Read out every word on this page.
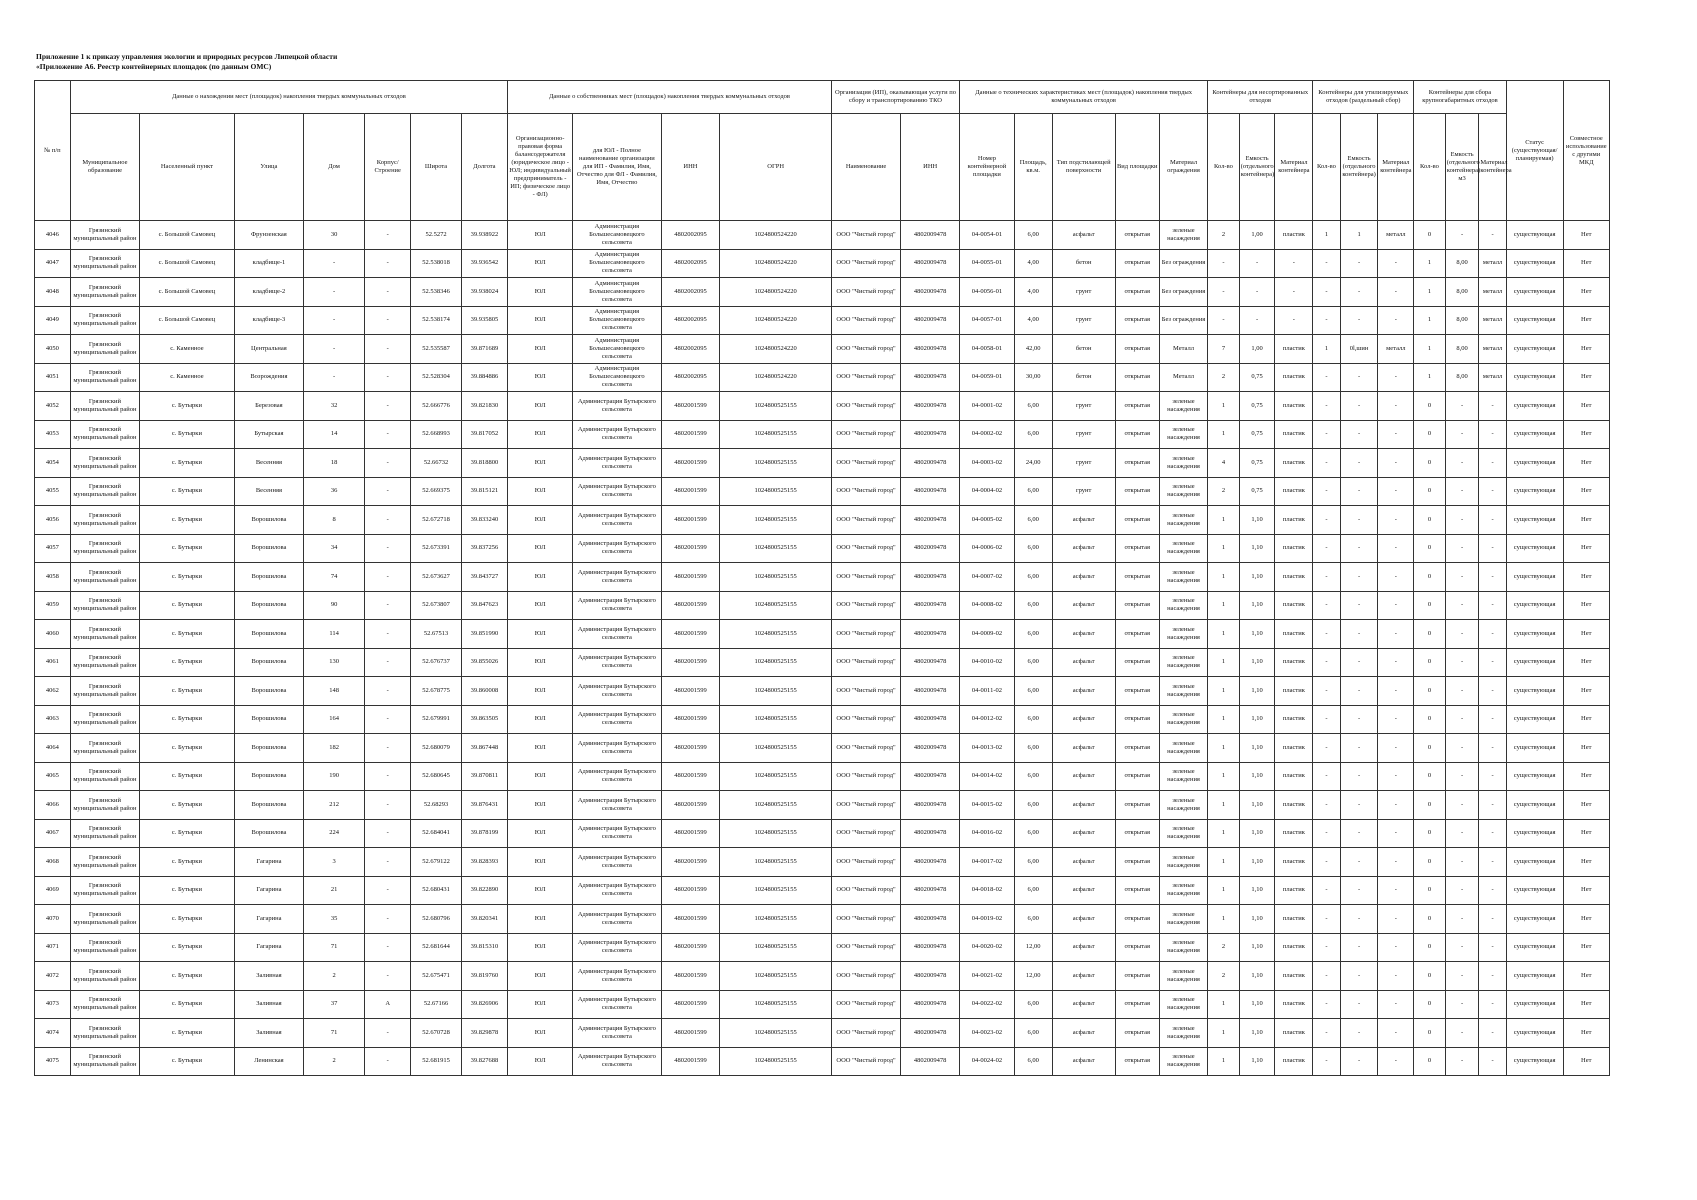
Приложение 1 к приказу управления экологии и природных ресурсов Липецкой области
«Приложение А6. Реестр контейнерных площадок (по данным ОМС)
№ п/п	Данные о нахождении мест (площадок) накопления твердых коммунальных отходов							Данные о собственниках мест (площадок) накопления твердых коммунальных отходов				Организация (ИП), оказывающая услуги по сбору и транспортированию ТКО		Данные о технических характеристиках мест (площадок) накопления твердых коммунальных отходов					Контейнеры для несортированных отходов			Контейнеры для утилизируемых отходов (раздельный сбор)			Контейнеры для сбора крупногабаритных отходов			Статус (существующая/ планируемая)	Совместное использование с другими МКД
	Муниципальное образование	Населенный пункт	Улица	Дом	Корпус/Строение	Широта	Долгота	Организационно-правовая форма балансодержателя (юридическое лицо - ЮЛ; индивидуальный предприниматель - ИП; физическое лицо - ФЛ)	для ЮЛ - Полное наименование организации для ИП - Фамилия, Имя, Отчество для ФЛ - Фамилия, Имя, Отчество	ИНН	ОГРН	Наименование	ИНН	Номер контейнерной площадки	Площадь, кв.м.	Тип подстилающей поверхности	Вид площадки	Материал ограждения	Кол-во	Емкость (отдельного контейнера)	Материал контейнера	Кол-во	Емкость (отдельного контейнера)	Материал контейнера	Кол-во	Емкость (отдельного контейнера) м3	Материал контейнера		
4046	Грязинский муниципальный район	с. Большой Самовец	Фрунзенская	30	-	52.5272	39.938922	ЮЛ	Администрация Большесамовецкого сельсовета	4802002095	1024800524220	ООО "Чистый город"	4802009478	04-0054-01	6,00	асфальт	открытая	зеленые насаждения	2	1,00	пластик	1	1	металл	0	-	-	существующая	Нет
4047	Грязинский муниципальный район	с. Большой Самовец	кладбище-1	-	-	52.538018	39.936542	ЮЛ	Администрация Большесамовецкого сельсовета	4802002095	1024800524220	ООО "Чистый город"	4802009478	04-0055-01	4,00	бетон	открытая	Без ограждения	-	-	-	-	-	-	1	8,00	металл	существующая	Нет
4048	Грязинский муниципальный район	с. Большой Самовец	кладбище-2	-	-	52.538346	39.938024	ЮЛ	Администрация Большесамовецкого сельсовета	4802002095	1024800524220	ООО "Чистый город"	4802009478	04-0056-01	4,00	грунт	открытая	Без ограждения	-	-	-	-	-	-	1	8,00	металл	существующая	Нет
4049	Грязинский муниципальный район	с. Большой Самовец	кладбище-3	-	-	52.538174	39.935805	ЮЛ	Администрация Большесамовецкого сельсовета	4802002095	1024800524220	ООО "Чистый город"	4802009478	04-0057-01	4,00	грунт	открытая	Без ограждения	-	-	-	-	-	-	1	8,00	металл	существующая	Нет
4050	Грязинский муниципальный район	с. Каменное	Центральная	-	-	52.535587	39.871689	ЮЛ	Администрация Большесамовецкого сельсовета	4802002095	1024800524220	ООО "Чистый город"	4802009478	04-0058-01	42,00	бетон	открытая	Металл	7	1,00	пластик	1	0l,шин	металл	1	8,00	металл	существующая	Нет
4051	Грязинский муниципальный район	с. Каменное	Возрождения	-	-	52.528304	39.884886	ЮЛ	Администрация Большесамовецкого сельсовета	4802002095	1024800524220	ООО "Чистый город"	4802009478	04-0059-01	30,00	бетон	открытая	Металл	2	0,75	пластик	-	-	-	1	8,00	металл	существующая	Нет
4052	Грязинский муниципальный район	с. Бутырки	Березовая	32	-	52.666776	39.821830	ЮЛ	Администрация Бутырского сельсовета	4802001599	1024800525155	ООО "Чистый город"	4802009478	04-0001-02	6,00	грунт	открытая	зеленые насаждения	1	0,75	пластик	-	-	-	0	-	-	существующая	Нет
4053	Грязинский муниципальный район	с. Бутырки	Бутырская	14	-	52.668993	39.817052	ЮЛ	Администрация Бутырского сельсовета	4802001599	1024800525155	ООО "Чистый город"	4802009478	04-0002-02	6,00	грунт	открытая	зеленые насаждения	1	0,75	пластик	-	-	-	0	-	-	существующая	Нет
4054	Грязинский муниципальный район	с. Бутырки	Весенняя	18	-	52.66732	39.818800	ЮЛ	Администрация Бутырского сельсовета	4802001599	1024800525155	ООО "Чистый город"	4802009478	04-0003-02	24,00	грунт	открытая	зеленые насаждения	4	0,75	пластик	-	-	-	0	-	-	существующая	Нет
4055	Грязинский муниципальный район	с. Бутырки	Весенняя	36	-	52.669375	39.815121	ЮЛ	Администрация Бутырского сельсовета	4802001599	1024800525155	ООО "Чистый город"	4802009478	04-0004-02	6,00	грунт	открытая	зеленые насаждения	2	0,75	пластик	-	-	-	0	-	-	существующая	Нет
4056	Грязинский муниципальный район	с. Бутырки	Ворошилова	8	-	52.672718	39.833240	ЮЛ	Администрация Бутырского сельсовета	4802001599	1024800525155	ООО "Чистый город"	4802009478	04-0005-02	6,00	асфальт	открытая	зеленые насаждения	1	1,10	пластик	-	-	-	0	-	-	существующая	Нет
4057	Грязинский муниципальный район	с. Бутырки	Ворошилова	34	-	52.673391	39.837256	ЮЛ	Администрация Бутырского сельсовета	4802001599	1024800525155	ООО "Чистый город"	4802009478	04-0006-02	6,00	асфальт	открытая	зеленые насаждения	1	1,10	пластик	-	-	-	0	-	-	существующая	Нет
4058	Грязинский муниципальный район	с. Бутырки	Ворошилова	74	-	52.673627	39.843727	ЮЛ	Администрация Бутырского сельсовета	4802001599	1024800525155	ООО "Чистый город"	4802009478	04-0007-02	6,00	асфальт	открытая	зеленые насаждения	1	1,10	пластик	-	-	-	0	-	-	существующая	Нет
4059	Грязинский муниципальный район	с. Бутырки	Ворошилова	90	-	52.673807	39.847623	ЮЛ	Администрация Бутырского сельсовета	4802001599	1024800525155	ООО "Чистый город"	4802009478	04-0008-02	6,00	асфальт	открытая	зеленые насаждения	1	1,10	пластик	-	-	-	0	-	-	существующая	Нет
4060	Грязинский муниципальный район	с. Бутырки	Ворошилова	114	-	52.67513	39.851990	ЮЛ	Администрация Бутырского сельсовета	4802001599	1024800525155	ООО "Чистый город"	4802009478	04-0009-02	6,00	асфальт	открытая	зеленые насаждения	1	1,10	пластик	-	-	-	0	-	-	существующая	Нет
4061	Грязинский муниципальный район	с. Бутырки	Ворошилова	130	-	52.676737	39.855026	ЮЛ	Администрация Бутырского сельсовета	4802001599	1024800525155	ООО "Чистый город"	4802009478	04-0010-02	6,00	асфальт	открытая	зеленые насаждения	1	1,10	пластик	-	-	-	0	-	-	существующая	Нет
4062	Грязинский муниципальный район	с. Бутырки	Ворошилова	148	-	52.678775	39.860008	ЮЛ	Администрация Бутырского сельсовета	4802001599	1024800525155	ООО "Чистый город"	4802009478	04-0011-02	6,00	асфальт	открытая	зеленые насаждения	1	1,10	пластик	-	-	-	0	-	-	существующая	Нет
4063	Грязинский муниципальный район	с. Бутырки	Ворошилова	164	-	52.679991	39.863505	ЮЛ	Администрация Бутырского сельсовета	4802001599	1024800525155	ООО "Чистый город"	4802009478	04-0012-02	6,00	асфальт	открытая	зеленые насаждения	1	1,10	пластик	-	-	-	0	-	-	существующая	Нет
4064	Грязинский муниципальный район	с. Бутырки	Ворошилова	182	-	52.680079	39.867448	ЮЛ	Администрация Бутырского сельсовета	4802001599	1024800525155	ООО "Чистый город"	4802009478	04-0013-02	6,00	асфальт	открытая	зеленые насаждения	1	1,10	пластик	-	-	-	0	-	-	существующая	Нет
4065	Грязинский муниципальный район	с. Бутырки	Ворошилова	190	-	52.680645	39.870811	ЮЛ	Администрация Бутырского сельсовета	4802001599	1024800525155	ООО "Чистый город"	4802009478	04-0014-02	6,00	асфальт	открытая	зеленые насаждения	1	1,10	пластик	-	-	-	0	-	-	существующая	Нет
4066	Грязинский муниципальный район	с. Бутырки	Ворошилова	212	-	52.68293	39.876431	ЮЛ	Администрация Бутырского сельсовета	4802001599	1024800525155	ООО "Чистый город"	4802009478	04-0015-02	6,00	асфальт	открытая	зеленые насаждения	1	1,10	пластик	-	-	-	0	-	-	существующая	Нет
4067	Грязинский муниципальный район	с. Бутырки	Ворошилова	224	-	52.684041	39.878199	ЮЛ	Администрация Бутырского сельсовета	4802001599	1024800525155	ООО "Чистый город"	4802009478	04-0016-02	6,00	асфальт	открытая	зеленые насаждения	1	1,10	пластик	-	-	-	0	-	-	существующая	Нет
4068	Грязинский муниципальный район	с. Бутырки	Гагарина	3	-	52.679122	39.828393	ЮЛ	Администрация Бутырского сельсовета	4802001599	1024800525155	ООО "Чистый город"	4802009478	04-0017-02	6,00	асфальт	открытая	зеленые насаждения	1	1,10	пластик	-	-	-	0	-	-	существующая	Нет
4069	Грязинский муниципальный район	с. Бутырки	Гагарина	21	-	52.680431	39.822890	ЮЛ	Администрация Бутырского сельсовета	4802001599	1024800525155	ООО "Чистый город"	4802009478	04-0018-02	6,00	асфальт	открытая	зеленые насаждения	1	1,10	пластик	-	-	-	0	-	-	существующая	Нет
4070	Грязинский муниципальный район	с. Бутырки	Гагарина	35	-	52.680796	39.820341	ЮЛ	Администрация Бутырского сельсовета	4802001599	1024800525155	ООО "Чистый город"	4802009478	04-0019-02	6,00	асфальт	открытая	зеленые насаждения	1	1,10	пластик	-	-	-	0	-	-	существующая	Нет
4071	Грязинский муниципальный район	с. Бутырки	Гагарина	71	-	52.681644	39.815310	ЮЛ	Администрация Бутырского сельсовета	4802001599	1024800525155	ООО "Чистый город"	4802009478	04-0020-02	12,00	асфальт	открытая	зеленые насаждения	2	1,10	пластик	-	-	-	0	-	-	существующая	Нет
4072	Грязинский муниципальный район	с. Бутырки	Заливная	2	-	52.675471	39.819760	ЮЛ	Администрация Бутырского сельсовета	4802001599	1024800525155	ООО "Чистый город"	4802009478	04-0021-02	12,00	асфальт	открытая	зеленые насаждения	2	1,10	пластик	-	-	-	0	-	-	существующая	Нет
4073	Грязинский муниципальный район	с. Бутырки	Заливная	37	А	52.67166	39.826906	ЮЛ	Администрация Бутырского сельсовета	4802001599	1024800525155	ООО "Чистый город"	4802009478	04-0022-02	6,00	асфальт	открытая	зеленые насаждения	1	1,10	пластик	-	-	-	0	-	-	существующая	Нет
4074	Грязинский муниципальный район	с. Бутырки	Заливная	71	-	52.670728	39.829878	ЮЛ	Администрация Бутырского сельсовета	4802001599	1024800525155	ООО "Чистый город"	4802009478	04-0023-02	6,00	асфальт	открытая	зеленые насаждения	1	1,10	пластик	-	-	-	0	-	-	существующая	Нет
4075	Грязинский муниципальный район	с. Бутырки	Ленинская	2	-	52.681915	39.827688	ЮЛ	Администрация Бутырского сельсовета	4802001599	1024800525155	ООО "Чистый город"	4802009478	04-0024-02	6,00	асфальт	открытая	зеленые насаждения	1	1,10	пластик	-	-	-	0	-	-	существующая	Нет
